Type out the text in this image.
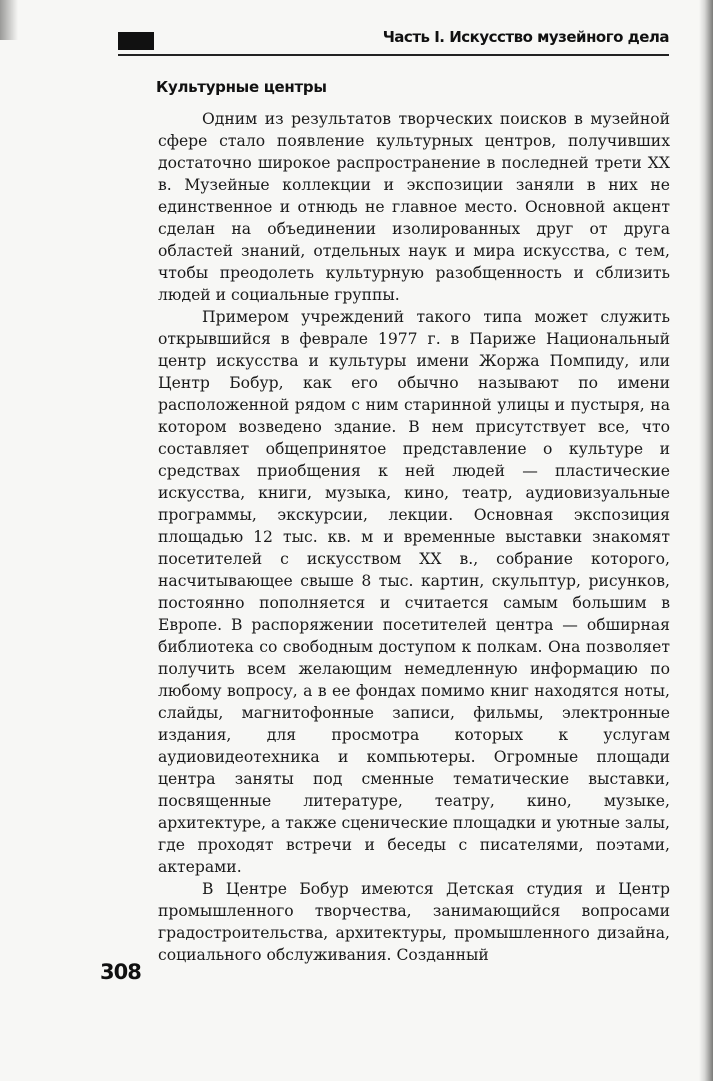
Часть I. Искусство музейного дела
Культурные центры

Одним из результатов творческих поисков в музейной сфере стало появление культурных центров, получивших достаточно широкое распространение в последней трети XX в. Музейные коллекции и экспозиции заняли в них не единственное и отнюдь не главное место. Основной акцент сделан на объединении изолированных друг от друга областей знаний, отдельных наук и мира искусства, с тем, чтобы преодолеть культурную разобщенность и сблизить людей и социальные группы.

Примером учреждений такого типа может служить открывшийся в феврале 1977 г. в Париже Национальный центр искусства и культуры имени Жоржа Помпиду, или Центр Бобур, как его обычно называют по имени расположенной рядом с ним старинной улицы и пустыря, на котором возведено здание. В нем присутствует все, что составляет общепринятое представление о культуре и средствах приобщения к ней людей — пластические искусства, книги, музыка, кино, театр, аудиовизуальные программы, экскурсии, лекции. Основная экспозиция площадью 12 тыс. кв. м и временные выставки знакомят посетителей с искусством XX в., собрание которого, насчитывающее свыше 8 тыс. картин, скульптур, рисунков, постоянно пополняется и считается самым большим в Европе. В распоряжении посетителей центра — обширная библиотека со свободным доступом к полкам. Она позволяет получить всем желающим немедленную информацию по любому вопросу, а в ее фондах помимо книг находятся ноты, слайды, магнитофонные записи, фильмы, электронные издания, для просмотра которых к услугам аудиовидеотехника и компьютеры. Огромные площади центра заняты под сменные тематические выставки, посвященные литературе, театру, кино, музыке, архитектуре, а также сценические площадки и уютные залы, где проходят встречи и беседы с писателями, поэтами, актерами.

В Центре Бобур имеются Детская студия и Центр промышленного творчества, занимающийся вопросами градостроительства, архитектуры, промышленного дизайна, социального обслуживания. Созданный

308
